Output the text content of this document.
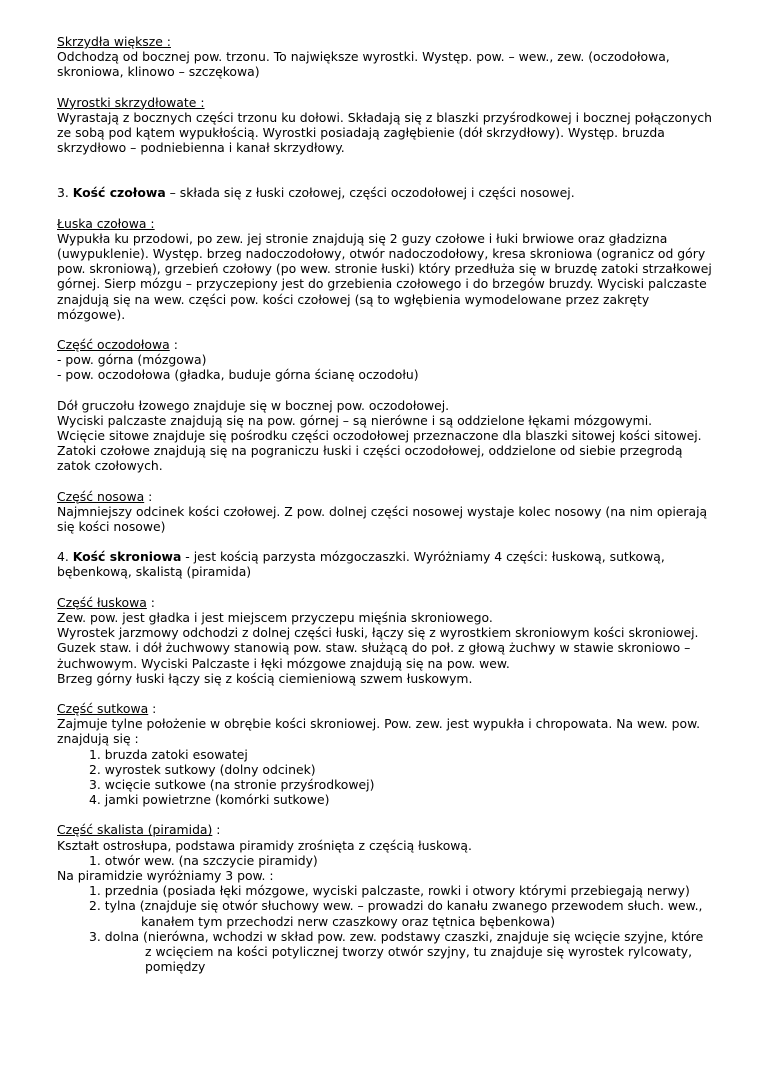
Skrzydła większe :

Odchodzą od bocznej pow. trzonu. To największe wyrostki. Występ. pow. – wew., zew. (oczodołowa, skroniowa, klinowo – szczękowa)

Wyrostki skrzydłowate :

Wyrastają z bocznych części trzonu ku dołowi. Składają się z blaszki przyśrodkowej i bocznej połączonych ze sobą pod kątem wypukłością. Wyrostki posiadają zagłębienie (dół skrzydłowy). Występ. bruzda skrzydłowo – podniebienna i kanał skrzydłowy.

3. Kość czołowa – składa się z łuski czołowej, części oczodołowej i części nosowej.

Łuska czołowa :

Wypukła ku przodowi, po zew. jej stronie znajdują się 2 guzy czołowe i łuki brwiowe oraz gładzizna (uwypuklenie). Występ. brzeg nadoczodołowy, otwór nadoczodołowy, kresa skroniowa (ogranicz od góry pow. skroniową), grzebień czołowy (po wew. stronie łuski) który przedłuża się w bruzdę zatoki strzałkowej górnej. Sierp mózgu – przyczepiony jest do grzebienia czołowego i do brzegów bruzdy. Wyciski palczaste znajdują się na wew. części pow. kości czołowej (są to wgłębienia wymodelowane przez zakręty mózgowe).

Część oczodołowa :

- pow. górna (mózgowa)

- pow. oczodołowa (gładka, buduje górna ścianę oczodołu)

Dół gruczołu łzowego znajduje się w bocznej pow. oczodołowej.

Wyciski palczaste znajdują się na pow. górnej – są nierówne i są oddzielone łękami mózgowymi.

Wcięcie sitowe znajduje się pośrodku części oczodołowej przeznaczone dla blaszki sitowej kości sitowej.

Zatoki czołowe znajdują się na pograniczu łuski i części oczodołowej, oddzielone od siebie przegrodą zatok czołowych.

Część nosowa :

Najmniejszy odcinek kości czołowej. Z pow. dolnej części nosowej wystaje kolec nosowy (na nim opierają się kości nosowe)

4. Kość skroniowa - jest kością parzysta mózgoczaszki. Wyróżniamy 4 części: łuskową, sutkową, bębenkową, skalistą (piramida)

Część łuskowa :

Zew. pow. jest gładka i jest miejscem przyczepu mięśnia skroniowego.

Wyrostek jarzmowy odchodzi z dolnej części łuski, łączy się z wyrostkiem skroniowym kości skroniowej. Guzek staw. i dół żuchwowy stanowią pow. staw. służącą do poł. z głową żuchwy w stawie skroniowo – żuchwowym. Wyciski Palczaste i łęki mózgowe znajdują się na pow. wew.

Brzeg górny łuski łączy się z kością ciemieniową szwem łuskowym.

Część sutkowa :

Zajmuje tylne położenie w obrębie kości skroniowej. Pow. zew. jest wypukła i chropowata. Na wew. pow. znajdują się :

1. bruzda zatoki esowatej
2. wyrostek sutkowy (dolny odcinek)
3. wcięcie sutkowe (na stronie przyśrodkowej)
4. jamki powietrzne (komórki sutkowe)

Część skalista (piramida) :

Kształt ostrosłupa, podstawa piramidy zrośnięta z częścią łuskową.

1. otwór wew. (na szczycie piramidy)

Na piramidzie wyróżniamy 3 pow. :

1. przednia (posiada łęki mózgowe, wyciski palczaste, rowki i otwory którymi przebiegają nerwy)

2. tylna (znajduje się otwór słuchowy wew. – prowadzi do kanału zwanego przewodem słuch. wew.,

kanałem tym przechodzi nerw czaszkowy oraz tętnica bębenkowa)

3. dolna (nierówna, wchodzi w skład pow. zew. podstawy czaszki, znajduje się wcięcie szyjne, które

z wcięciem na kości potylicznej tworzy otwór szyjny, tu znajduje się wyrostek rylcowaty, pomiędzy
